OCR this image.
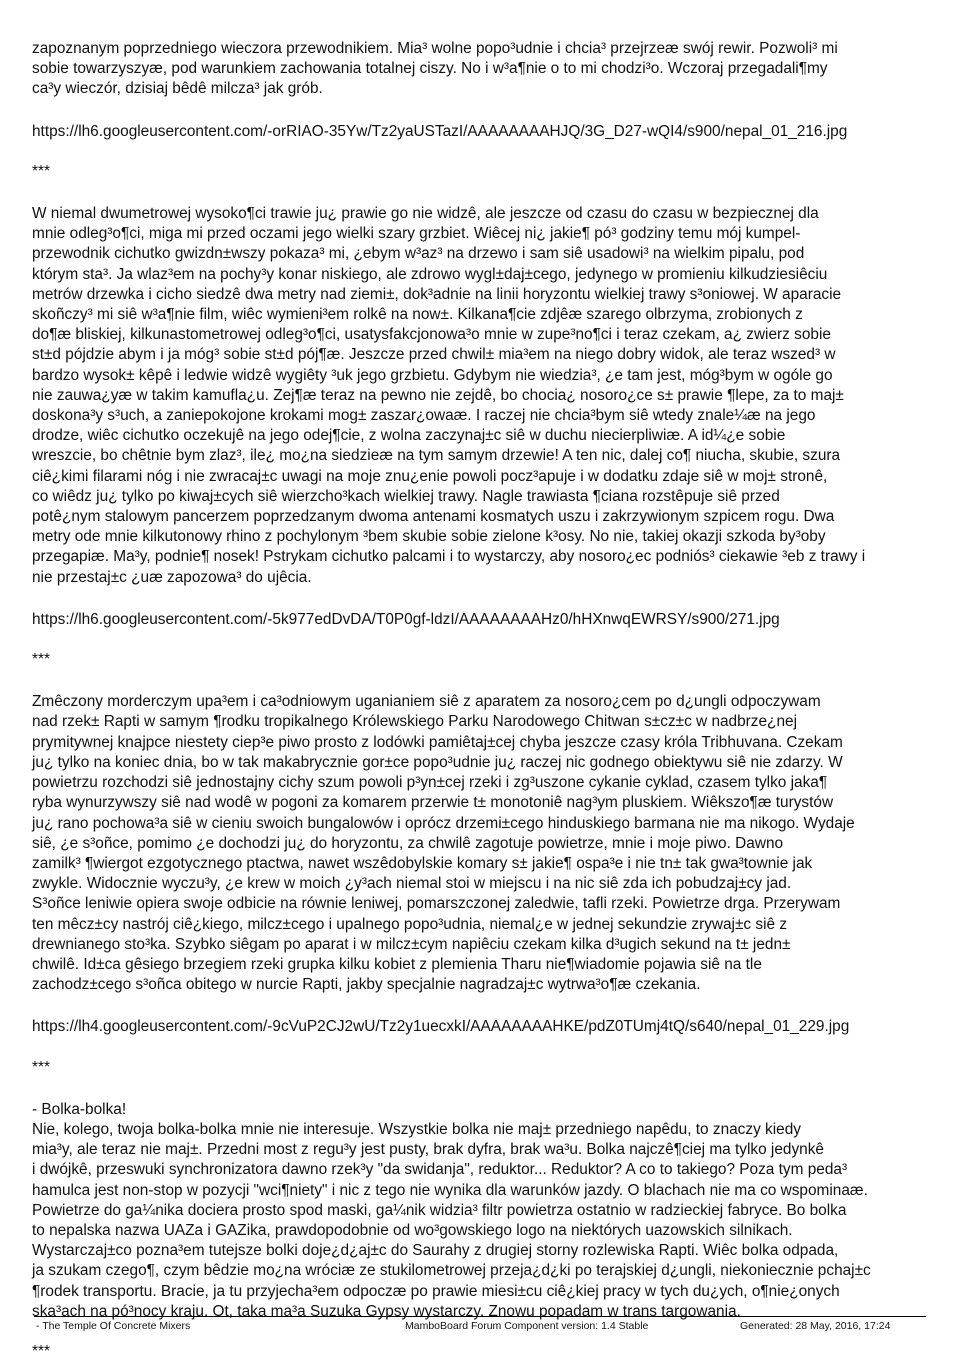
zapoznanym poprzedniego wieczora przewodnikiem. Mia³ wolne popo³udnie i chcia³ przejrzeæ swój rewir. Pozwoli³ mi
sobie towarzyszyæ, pod warunkiem zachowania totalnej ciszy. No i w³a¶nie o to mi chodzi³o. Wczoraj przegadali¶my
ca³y wieczór, dzisiaj bêdê milcza³ jak grób.
https://lh6.googleusercontent.com/-orRIAO-35Yw/Tz2yaUSTazI/AAAAAAAAHJQ/3G_D27-wQI4/s900/nepal_01_216.jpg
***
W niemal dwumetrowej wysoko¶ci trawie ju¿ prawie go nie widzê, ale jeszcze od czasu do czasu w bezpiecznej dla
mnie odleg³o¶ci, miga mi przed oczami jego wielki szary grzbiet. Wiêcej ni¿ jakie¶ pó³ godziny temu mój kumpel-
przewodnik cichutko gwizdn±wszy pokaza³ mi, ¿ebym w³az³ na drzewo i sam siê usadowi³ na wielkim pipalu, pod
którym sta³. Ja wlaz³em na pochy³y konar niskiego, ale zdrowo wygl±daj±cego, jedynego w promieniu kilkudziesiêciu
metrów drzewka i cicho siedzê dwa metry nad ziemi±, dok³adnie na linii horyzontu wielkiej trawy s³oniowej. W aparacie
skoñczy³ mi siê w³a¶nie film, wiêc wymieni³em rolkê na now±. Kilkana¶cie zdjêæ szarego olbrzyma, zrobionych z
do¶æ bliskiej, kilkunastometrowej odleg³o¶ci, usatysfakcjonowa³o mnie w zupe³no¶ci i teraz czekam, a¿ zwierz sobie
st±d pójdzie abym i ja móg³ sobie st±d pój¶æ. Jeszcze przed chwil± mia³em na niego dobry widok, ale teraz wszed³ w
bardzo wysok± kêpê i ledwie widzê wygiêty ³uk jego grzbietu. Gdybym nie wiedzia³, ¿e tam jest, móg³bym w ogóle go
nie zauwa¿yæ w takim kamufla¿u. Zej¶æ teraz na pewno nie zejdê, bo chocia¿ nosoro¿ce s± prawie ¶lepe, za to maj±
doskona³y s³uch, a zaniepokojone krokami mog± zaszar¿owaæ. I raczej nie chcia³bym siê wtedy znale¼æ na jego
drodze, wiêc cichutko oczekujê na jego odej¶cie, z wolna zaczynaj±c siê w duchu niecierpliwiæ. A id¼¿e sobie
wreszcie, bo chêtnie bym zlaz³, ile¿ mo¿na siedzieæ na tym samym drzewie! A ten nic, dalej co¶ niucha, skubie, szura
ciê¿kimi filarami nóg i nie zwracaj±c uwagi na moje znu¿enie powoli pocz³apuje i w dodatku zdaje siê w moj± stronê,
co wiêdz ju¿ tylko po kiwaj±cych siê wierzcho³kach wielkiej trawy. Nagle trawiasta ¶ciana rozstêpuje siê przed
potê¿nym stalowym pancerzem poprzedzanym dwoma antenami kosmatych uszu i zakrzywionym szpicem rogu. Dwa
metry ode mnie kilkutonowy rhino z pochylonym ³bem skubie sobie zielone k³osy. No nie, takiej okazji szkoda by³oby
przegapiæ. Ma³y, podnie¶ nosek! Pstrykam cichutko palcami i to wystarczy, aby nosoro¿ec podniós³ ciekawie ³eb z trawy i
nie przestaj±c ¿uæ zapozowa³ do ujêcia.
https://lh6.googleusercontent.com/-5k977edDvDA/T0P0gf-ldzI/AAAAAAAAHz0/hHXnwqEWRSY/s900/271.jpg
***
Zmêczony morderczym upa³em i ca³odniowym uganianiem siê z aparatem za nosoro¿cem po d¿ungli odpoczywam
nad rzek± Rapti w samym ¶rodku tropikalnego Królewskiego Parku Narodowego Chitwan s±cz±c w nadbrze¿nej
prymitywnej knajpce niestety ciep³e piwo prosto z lodówki pamiêtaj±cej chyba jeszcze czasy króla Tribhuvana. Czekam
ju¿ tylko na koniec dnia, bo w tak makabrycznie gor±ce popo³udnie ju¿ raczej nic godnego obiektywu siê nie zdarzy. W
powietrzu rozchodzi siê jednostajny cichy szum powoli p³yn±cej rzeki i zg³uszone cykanie cyklad, czasem tylko jaka¶
ryba wynurzywszy siê nad wodê w pogoni za komarem przerwie t± monotoniê nag³ym pluskiem. Wiêkszo¶æ turystów
ju¿ rano pochowa³a siê w cieniu swoich bungalowów i oprócz drzemi±cego hinduskiego barmana nie ma nikogo. Wydaje
siê, ¿e s³oñce, pomimo ¿e dochodzi ju¿ do horyzontu, za chwilê zagotuje powietrze, mnie i moje piwo. Dawno
zamilk³ ¶wiergot ezgotycznego ptactwa, nawet wszêdobylskie komary s± jakie¶ ospa³e i nie tn± tak gwa³townie jak
zwykle. Widocznie wyczu³y, ¿e krew w moich ¿y³ach niemal stoi w miejscu i na nic siê zda ich pobudzaj±cy jad.
S³oñce leniwie opiera swoje odbicie na równie leniwej, pomarszczonej zaledwie, tafli rzeki. Powietrze drga. Przerywam
ten mêcz±cy nastrój ciê¿kiego, milcz±cego i upalnego popo³udnia, niemal¿e w jednej sekundzie zrywaj±c siê z
drewnianego sto³ka. Szybko siêgam po aparat i w milcz±cym napiêciu czekam kilka d³ugich sekund na t± jedn±
chwilê. Id±ca gêsiego brzegiem rzeki grupka kilku kobiet z plemienia Tharu nie¶wiadomie pojawia siê na tle
zachodz±cego s³oñca obitego w nurcie Rapti, jakby specjalnie nagradzaj±c wytrwa³o¶æ czekania.
https://lh4.googleusercontent.com/-9cVuP2CJ2wU/Tz2y1uecxkI/AAAAAAAAHKE/pdZ0TUmj4tQ/s640/nepal_01_229.jpg
***
- Bolka-bolka!
Nie, kolego, twoja bolka-bolka mnie nie interesuje. Wszystkie bolka nie maj± przedniego napêdu, to znaczy kiedy
mia³y, ale teraz nie maj±. Przedni most z regu³y jest pusty, brak dyfra, brak wa³u. Bolka najczê¶ciej ma tylko jedynkê
i dwójkê, przeswuki synchronizatora dawno rzek³y "da swidanja", reduktor... Reduktor? A co to takiego? Poza tym peda³
hamulca jest non-stop w pozycji "wci¶niety" i nic z tego nie wynika dla warunków jazdy. O blachach nie ma co wspominaæ.
Powietrze do ga¼nika dociera prosto spod maski, ga¼nik widzia³ filtr powietrza ostatnio w radzieckiej fabryce. Bo bolka
to nepalska nazwa UAZa i GAZika, prawdopodobnie od wo³gowskiego logo na niektórych uazowskich silnikach.
Wystarczaj±co pozna³em tutejsze bolki doje¿d¿aj±c do Saurahy z drugiej storny rozlewiska Rapti. Wiêc bolka odpada,
ja szukam czego¶, czym bêdzie mo¿na wróciæ ze stukilometrowej przeja¿d¿ki po terajskiej d¿ungli, niekoniecznie pchaj±c
¶rodek transportu. Bracie, ja tu przyjecha³em odpoczæ po prawie miesi±cu ciê¿kiej pracy w tych du¿ych, o¶nie¿onych
ska³ach na pó³nocy kraju. Ot, taka ma³a Suzuka Gypsy wystarczy. Znowu popadam w trans targowania.
***
- The Temple Of Concrete Mixers	MamboBoard Forum Component version: 1.4 Stable	Generated: 28 May, 2016, 17:24
